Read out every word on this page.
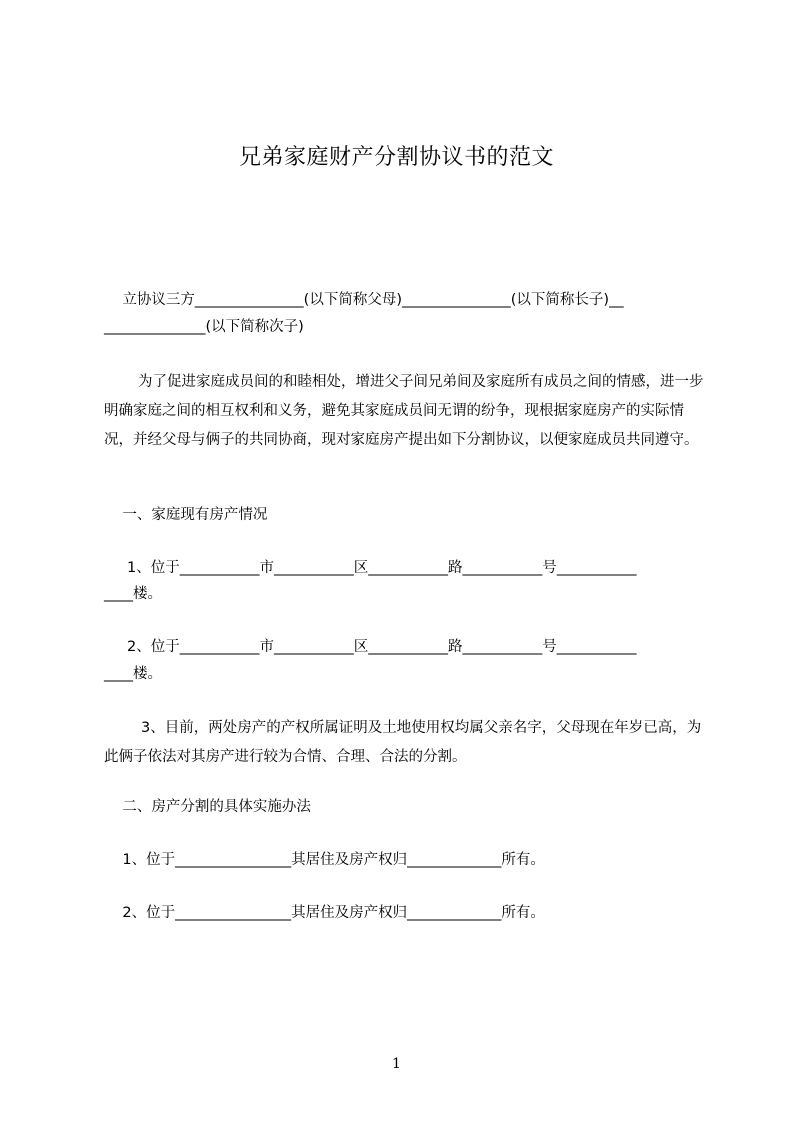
兄弟家庭财产分割协议书的范文
立协议三方_______________(以下简称父母)_______________(以下简称长子)__
______________(以下简称次子)
为了促进家庭成员间的和睦相处，增进父子间兄弟间及家庭所有成员之间的情感，进一步明确家庭之间的相互权利和义务，避免其家庭成员间无谓的纷争，现根据家庭房产的实际情况，并经父母与俩子的共同协商，现对家庭房产提出如下分割协议，以便家庭成员共同遵守。
一、家庭现有房产情况
1、位于___________市___________区___________路___________号___________
____楼。
2、位于___________市___________区___________路___________号___________
____楼。
3、目前，两处房产的产权所属证明及土地使用权均属父亲名字，父母现在年岁已高，为此俩子依法对其房产进行较为合情、合理、合法的分割。
二、房产分割的具体实施办法
1、位于________________其居住及房产权归_____________所有。
2、位于________________其居住及房产权归_____________所有。
1
